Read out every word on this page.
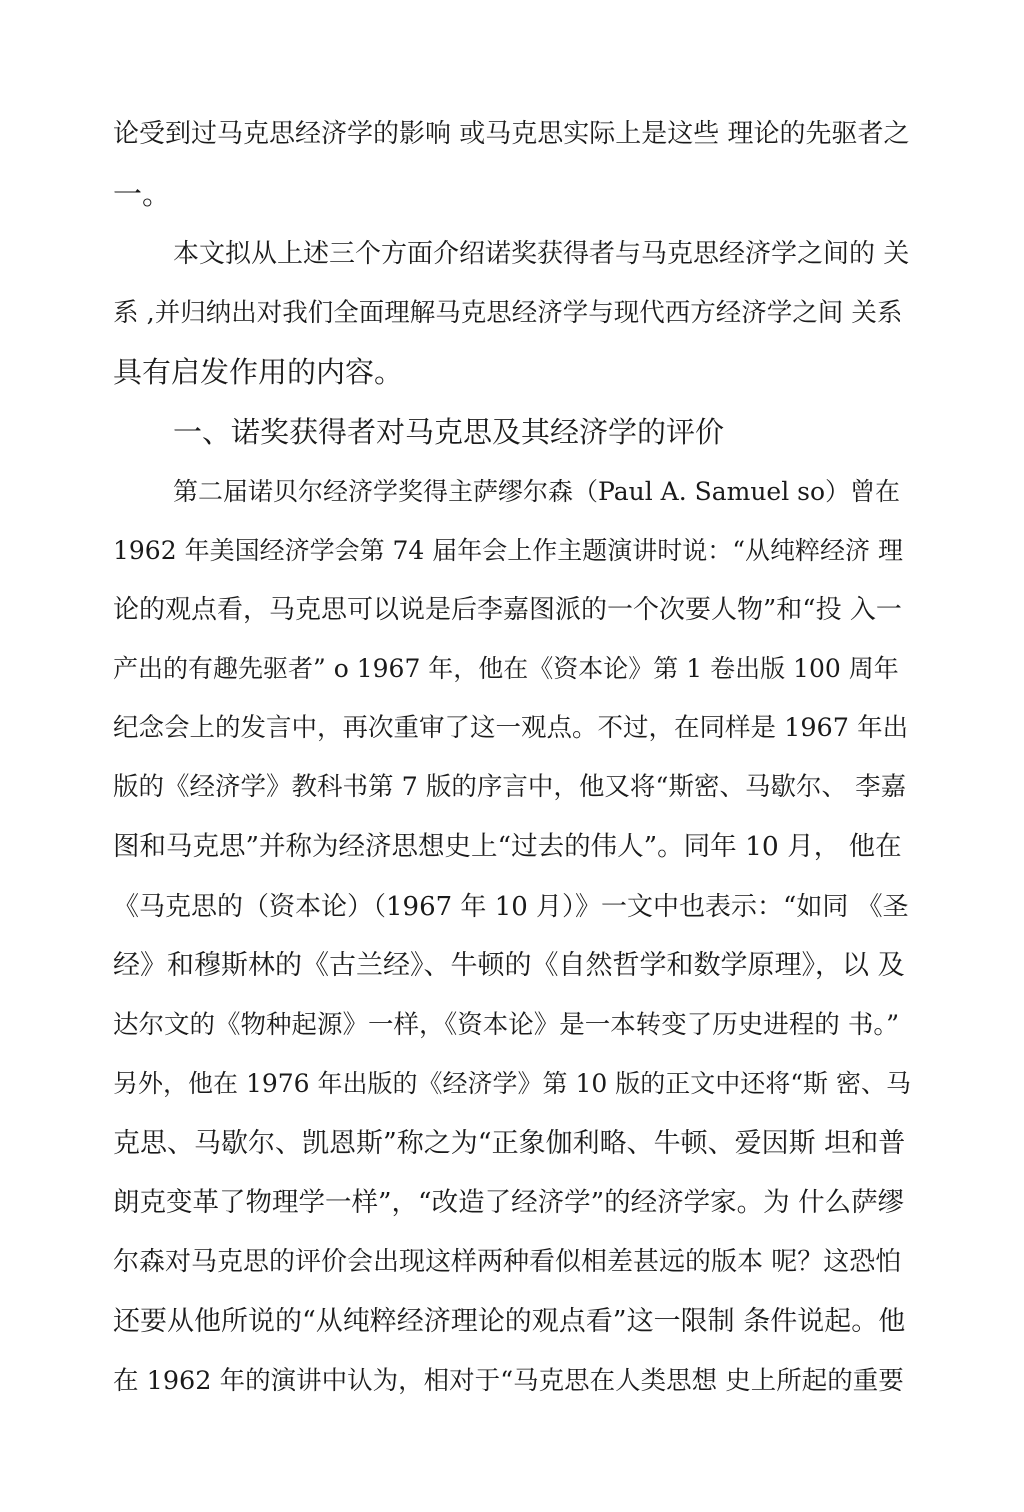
论受到过马克思经济学的影响 或马克思实际上是这些 理论的先驱者之

一。

本文拟从上述三个方面介绍诺奖获得者与马克思经济学之间的 关

系 ,并归纳出对我们全面理解马克思经济学与现代西方经济学之间 关系

具有启发作用的内容。

一、诺奖获得者对马克思及其经济学的评价

第二届诺贝尔经济学奖得主萨缪尔森（Paul A. Samuel so）曾在

1962 年美国经济学会第 74 届年会上作主题演讲时说：“从纯粹经济 理

论的观点看，马克思可以说是后李嘉图派的一个次要人物”和“投 入一

产出的有趣先驱者” o 1967 年，他在《资本论》第 1 卷出版 100 周年

纪念会上的发言中，再次重审了这一观点。不过，在同样是 1967 年出

版的《经济学》教科书第 7 版的序言中，他又将“斯密、马歇尔、 李嘉

图和马克思”并称为经济思想史上“过去的伟人”。同年 10 月， 他在

《马克思的（资本论）（1967 年 10 月）》一文中也表示：“如同 《圣

经》和穆斯林的《古兰经》、牛顿的《自然哲学和数学原理》，以 及

达尔文的《物种起源》一样，《资本论》是一本转变了历史进程的 书。”

另外，他在 1976 年出版的《经济学》第 10 版的正文中还将“斯 密、马

克思、马歇尔、凯恩斯”称之为“正象伽利略、牛顿、爱因斯 坦和普

朗克变革了物理学一样”，“改造了经济学”的经济学家。为 什么萨缪

尔森对马克思的评价会出现这样两种看似相差甚远的版本 呢？这恐怕

还要从他所说的“从纯粹经济理论的观点看”这一限制 条件说起。他

在 1962 年的演讲中认为，相对于“马克思在人类思想 史上所起的重要
